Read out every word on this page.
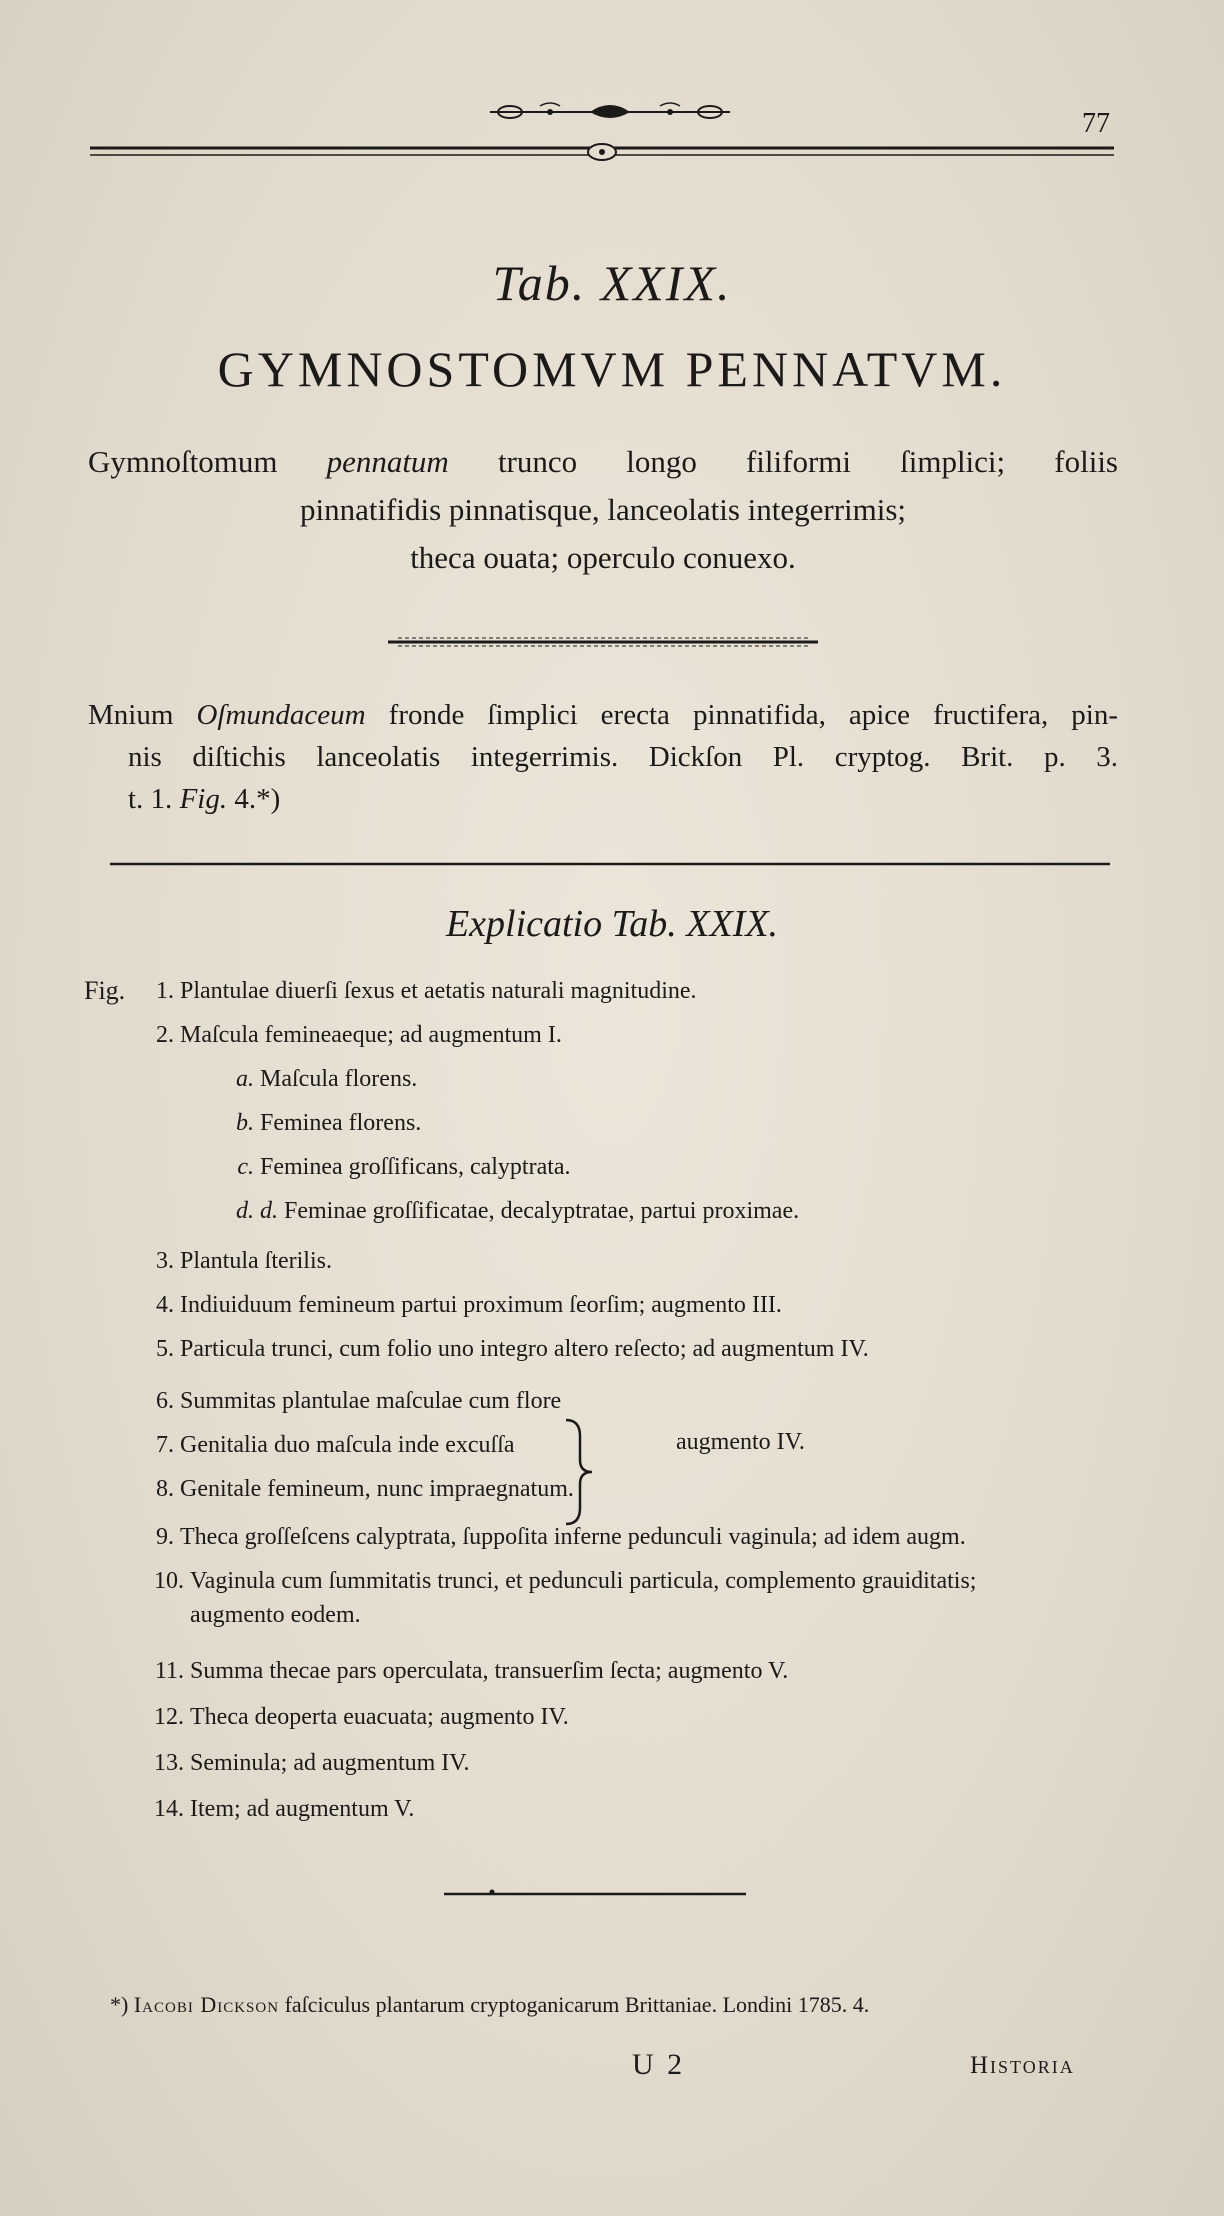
77
Tab. XXIX.
GYMNOSTOMVM PENNATVM.
Gymnoſtomum pennatum trunco longo filiformi ſimplici; foliis
pinnatifidis pinnatisque, lanceolatis integerrimis;
theca ouata; operculo conuexo.
Mnium Oſmundaceum fronde ſimplici erecta pinnatifida, apice fructifera, pin-
nis diſtichis lanceolatis integerrimis. Dickſon Pl. cryptog. Brit. p. 3.
t. 1. Fig. 4.*)
Explicatio Tab. XXIX.
Fig.	1. Plantulae diuerſi ſexus et aetatis naturali magnitudine.
2. Maſcula femineaeque; ad augmentum I.
a. Maſcula florens.
b. Feminea florens.
c. Feminea groſſificans, calyptrata.
d. d. Feminae groſſificatae, decalyptratae, partui proximae.
3. Plantula ſterilis.
4. Indiuiduum femineum partui proximum ſeorſim; augmento III.
5. Particula trunci, cum folio uno integro altero reſecto; ad augmentum IV.
6. Summitas plantulae maſculae cum flore
7. Genitalia duo maſcula inde excuſſa
8. Genitale femineum, nunc impraegnatum.
9. Theca groſſeſcens calyptrata, ſuppoſita inferne pedunculi vaginula; ad idem augm.
10. Vaginula cum ſummitatis trunci, et pedunculi particula, complemento grauiditatis;
augmento eodem.
11. Summa thecae pars operculata, transuerſim ſecta; augmento V.
12. Theca deoperta euacuata; augmento IV.
13. Seminula; ad augmentum IV.
14. Item; ad augmentum V.
augmento IV.
*) Iacobi Dickson faſciculus plantarum cryptoganicarum Brittaniae. Londini 1785. 4.
U 2	Historia
